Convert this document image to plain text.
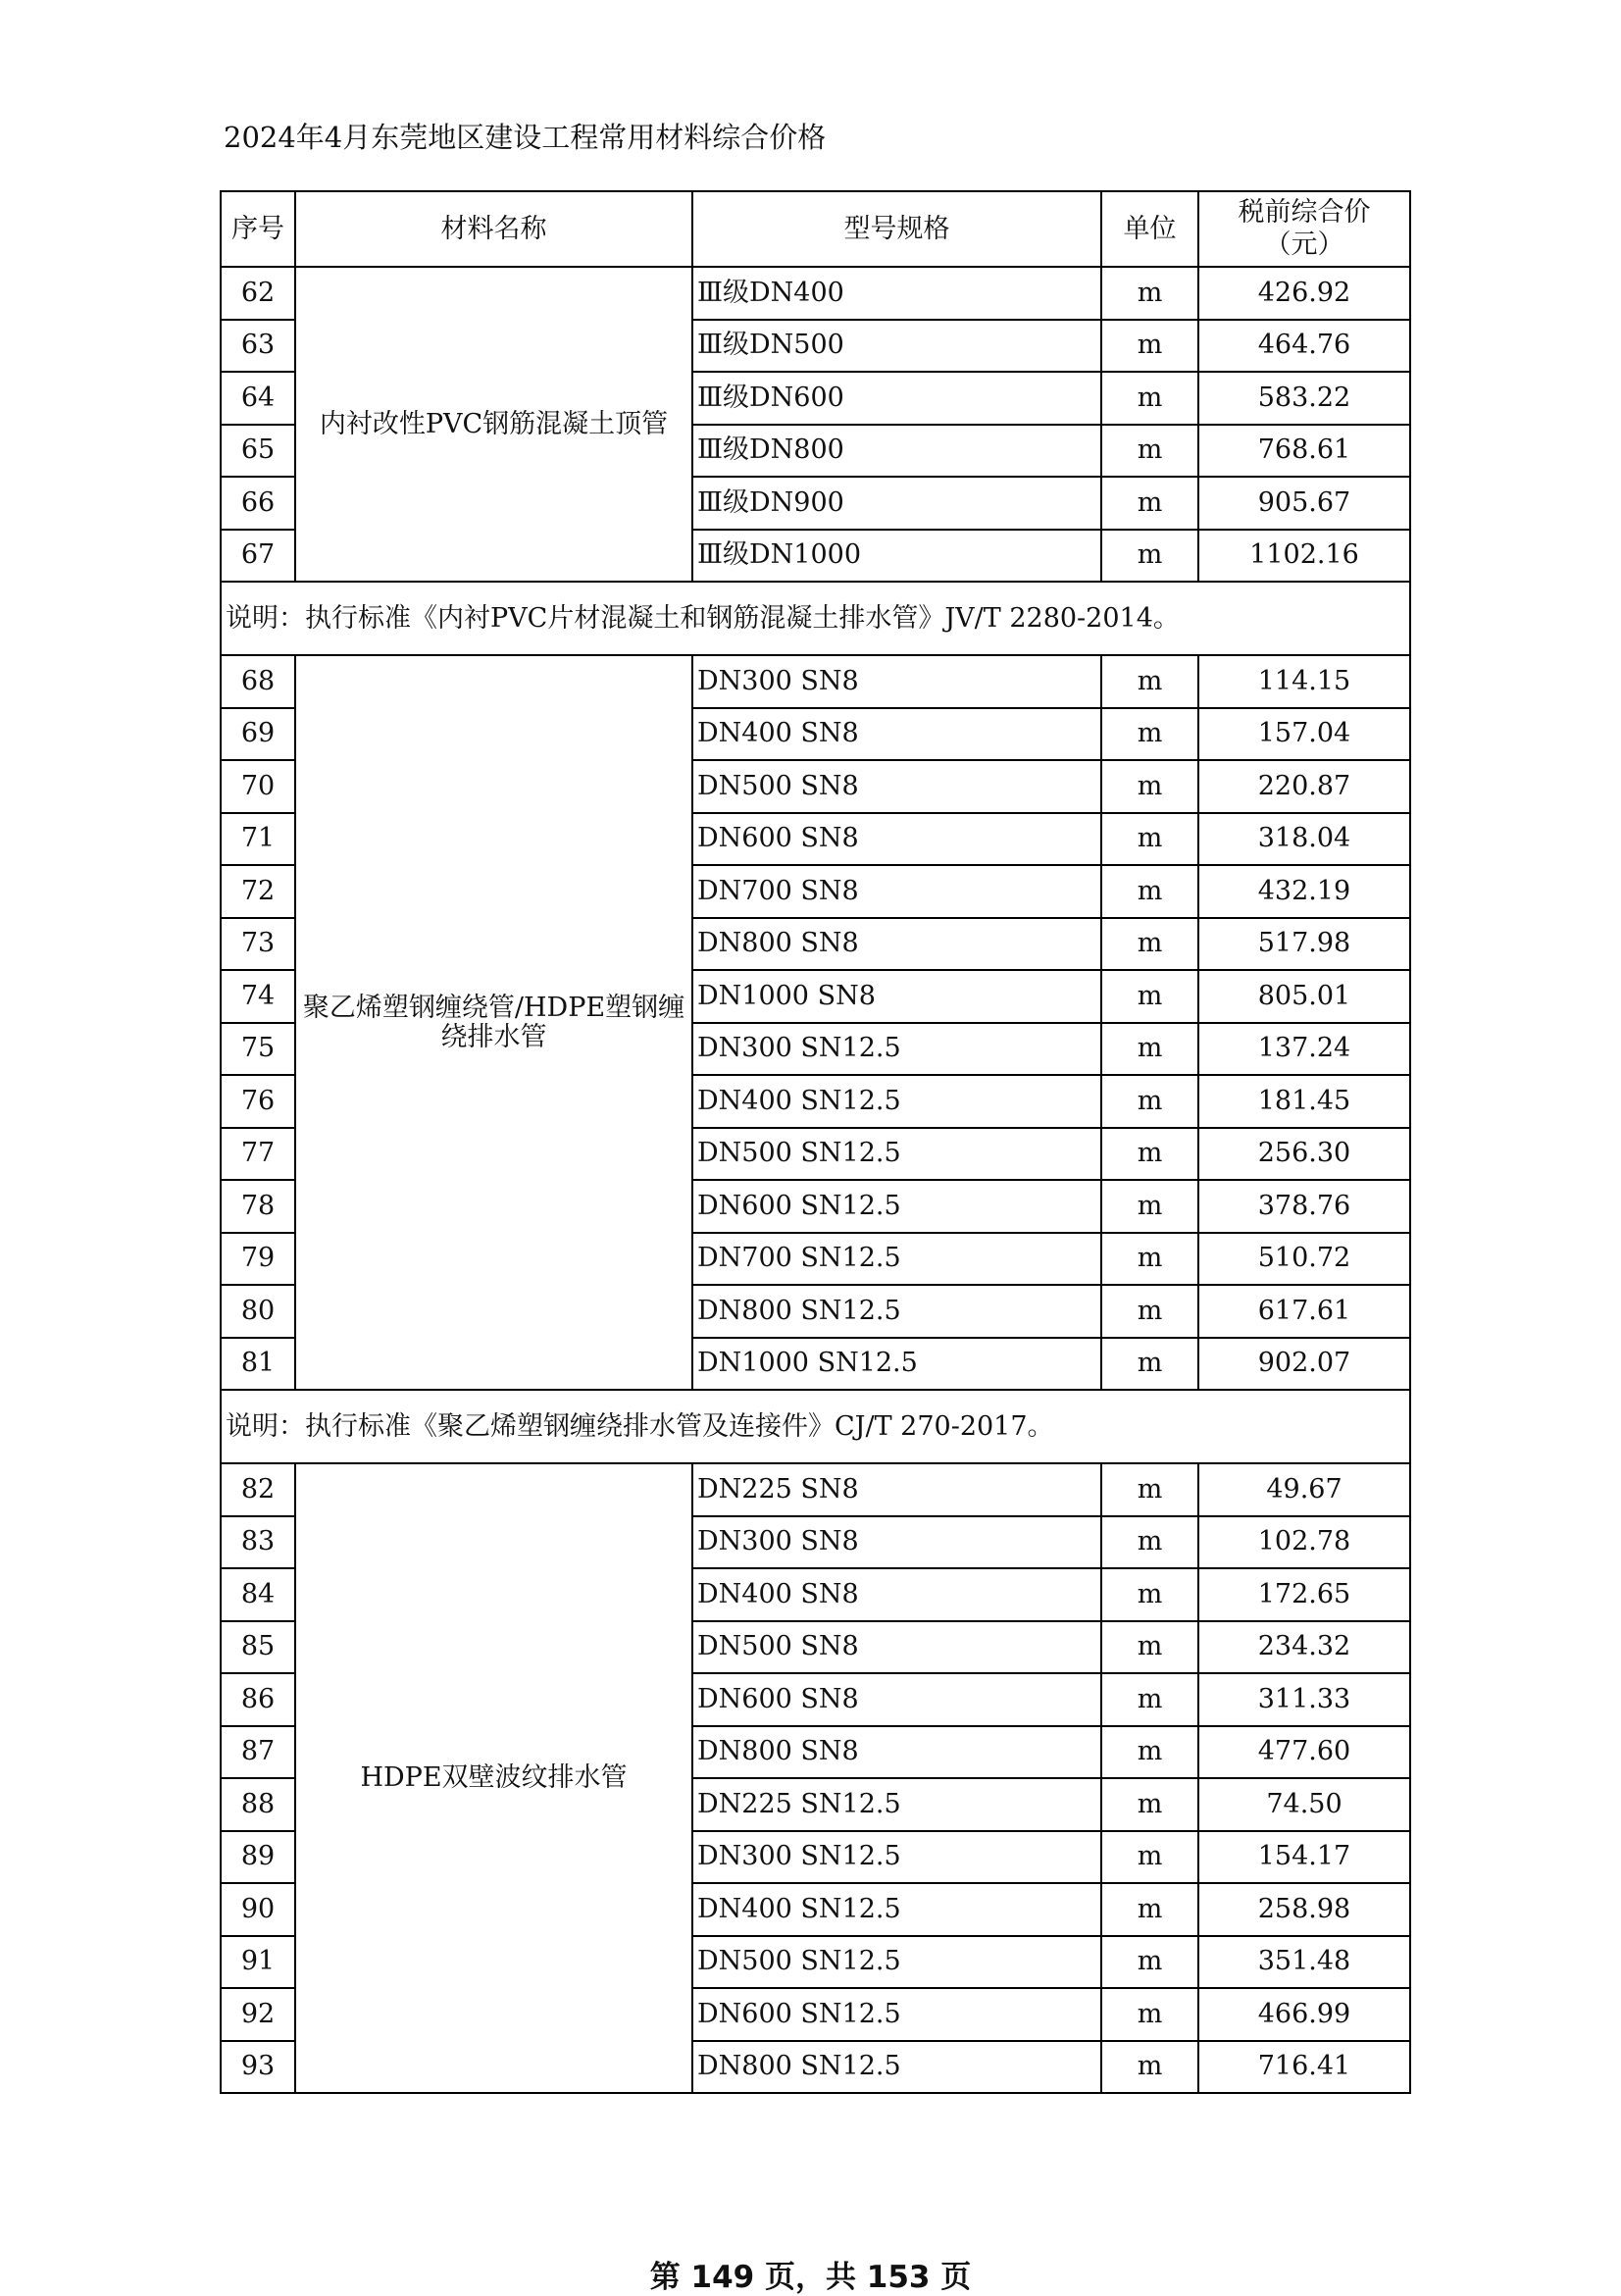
2024年4月东莞地区建设工程常用材料综合价格
序号	材料名称	型号规格	单位	税前综合价
（元）

62	内衬改性PVC钢筋混凝土顶管	Ⅲ级DN400	m	426.92
63		Ⅲ级DN500	m	464.76
64		Ⅲ级DN600	m	583.22
65		Ⅲ级DN800	m	768.61
66		Ⅲ级DN900	m	905.67
67		Ⅲ级DN1000	m	1102.16
说明：执行标准《内衬PVC片材混凝土和钢筋混凝土排水管》JV/T 2280-2014。				
68	聚乙烯塑钢缠绕管/HDPE塑钢缠绕排水管	DN300 SN8	m	114.15
69		DN400 SN8	m	157.04
70		DN500 SN8	m	220.87
71		DN600 SN8	m	318.04
72		DN700 SN8	m	432.19
73		DN800 SN8	m	517.98
74		DN1000 SN8	m	805.01
75		DN300 SN12.5	m	137.24
76		DN400 SN12.5	m	181.45
77		DN500 SN12.5	m	256.30
78		DN600 SN12.5	m	378.76
79		DN700 SN12.5	m	510.72
80		DN800 SN12.5	m	617.61
81		DN1000 SN12.5	m	902.07
说明：执行标准《聚乙烯塑钢缠绕排水管及连接件》CJ/T 270-2017。				
82	HDPE双壁波纹排水管	DN225 SN8	m	49.67
83		DN300 SN8	m	102.78
84		DN400 SN8	m	172.65
85		DN500 SN8	m	234.32
86		DN600 SN8	m	311.33
87		DN800 SN8	m	477.60
88		DN225 SN12.5	m	74.50
89		DN300 SN12.5	m	154.17
90		DN400 SN12.5	m	258.98
91		DN500 SN12.5	m	351.48
92		DN600 SN12.5	m	466.99
93		DN800 SN12.5	m	716.41
第 149 页，共 153 页
